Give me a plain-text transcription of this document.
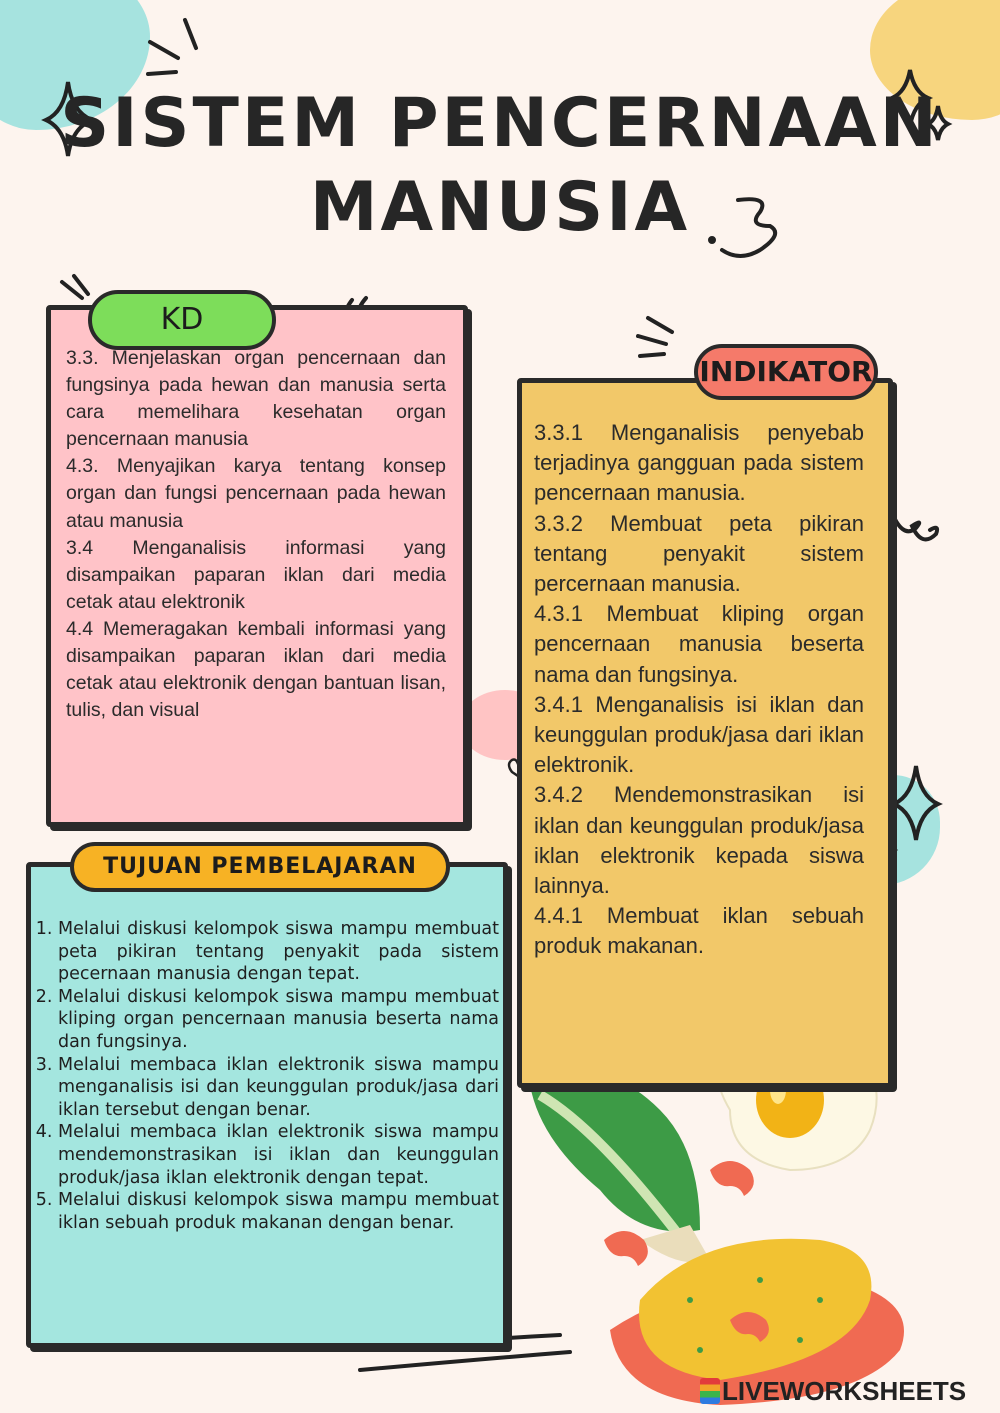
SISTEM PENCERNAAN
MANUSIA
KD

3.3. Menjelaskan organ pencernaan dan fungsinya pada hewan dan manusia serta cara memelihara kesehatan organ pencernaan manusia

4.3. Menyajikan karya tentang konsep organ dan fungsi pencernaan pada hewan atau manusia

3.4 Menganalisis informasi yang disampaikan paparan iklan dari media cetak atau elektronik

4.4 Memeragakan kembali informasi yang disampaikan paparan iklan dari media cetak atau elektronik dengan bantuan lisan, tulis, dan visual

INDIKATOR

3.3.1 Menganalisis penyebab terjadinya gangguan pada sistem pencernaan manusia.

3.3.2 Membuat peta pikiran tentang penyakit sistem percernaan manusia.

4.3.1 Membuat kliping organ pencernaan manusia beserta nama dan fungsinya.

3.4.1 Menganalisis isi iklan dan keunggulan produk/jasa dari iklan elektronik.

3.4.2 Mendemonstrasikan isi iklan dan keunggulan produk/jasa iklan elektronik kepada siswa lainnya.

4.4.1 Membuat iklan sebuah produk makanan.

TUJUAN PEMBELAJARAN
1. Melalui diskusi kelompok siswa mampu membuat peta pikiran tentang penyakit pada sistem pecernaan manusia dengan tepat.
2. Melalui diskusi kelompok siswa mampu membuat kliping organ pencernaan manusia beserta nama dan fungsinya.
3. Melalui membaca iklan elektronik siswa mampu menganalisis isi dan keunggulan produk/jasa dari iklan tersebut dengan benar.
4. Melalui membaca iklan elektronik siswa mampu mendemonstrasikan isi iklan dan keunggulan produk/jasa iklan elektronik dengan tepat.
5. Melalui diskusi kelompok siswa mampu membuat iklan sebuah produk makanan dengan benar.
LIVEWORKSHEETS
